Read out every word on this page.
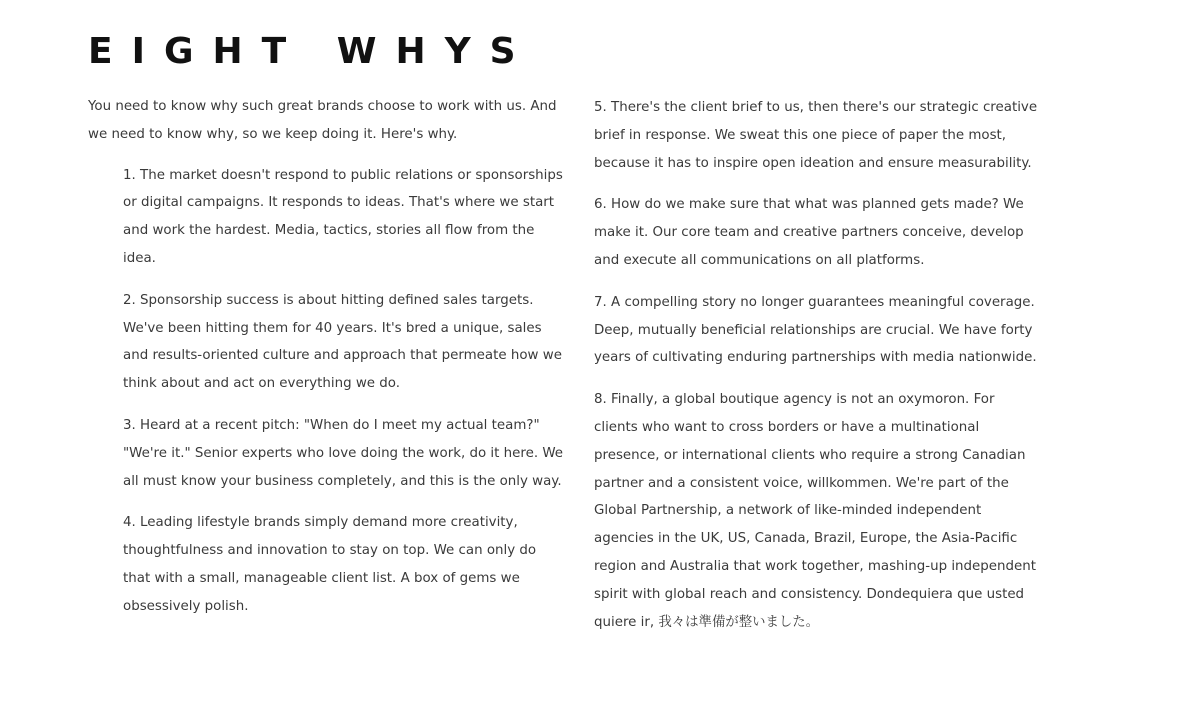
EIGHT WHYS

You need to know why such great brands choose to work with us. And we need to know why, so we keep doing it. Here's why.

1. The market doesn't respond to public relations or sponsorships or digital campaigns. It responds to ideas. That's where we start and work the hardest. Media, tactics, stories all flow from the idea.

2. Sponsorship success is about hitting defined sales targets. We've been hitting them for 40 years. It's bred a unique, sales and results-oriented culture and approach that permeate how we think about and act on everything we do.

3. Heard at a recent pitch: "When do I meet my actual team?" "We're it." Senior experts who love doing the work, do it here. We all must know your business completely, and this is the only way.

4. Leading lifestyle brands simply demand more creativity, thoughtfulness and innovation to stay on top. We can only do that with a small, manageable client list. A box of gems we obsessively polish.

5. There's the client brief to us, then there's our strategic creative brief in response. We sweat this one piece of paper the most, because it has to inspire open ideation and ensure measurability.

6. How do we make sure that what was planned gets made? We make it. Our core team and creative partners conceive, develop and execute all communications on all platforms.

7. A compelling story no longer guarantees meaningful coverage. Deep, mutually beneficial relationships are crucial. We have forty years of cultivating enduring partnerships with media nationwide.

8. Finally, a global boutique agency is not an oxymoron. For clients who want to cross borders or have a multinational presence, or international clients who require a strong Canadian partner and a consistent voice, willkommen. We're part of the Global Partnership, a network of like-minded independent agencies in the UK, US, Canada, Brazil, Europe, the Asia-Pacific region and Australia that work together, mashing-up independent spirit with global reach and consistency. Dondequiera que usted quiere ir, 我々は準備が整いました。
